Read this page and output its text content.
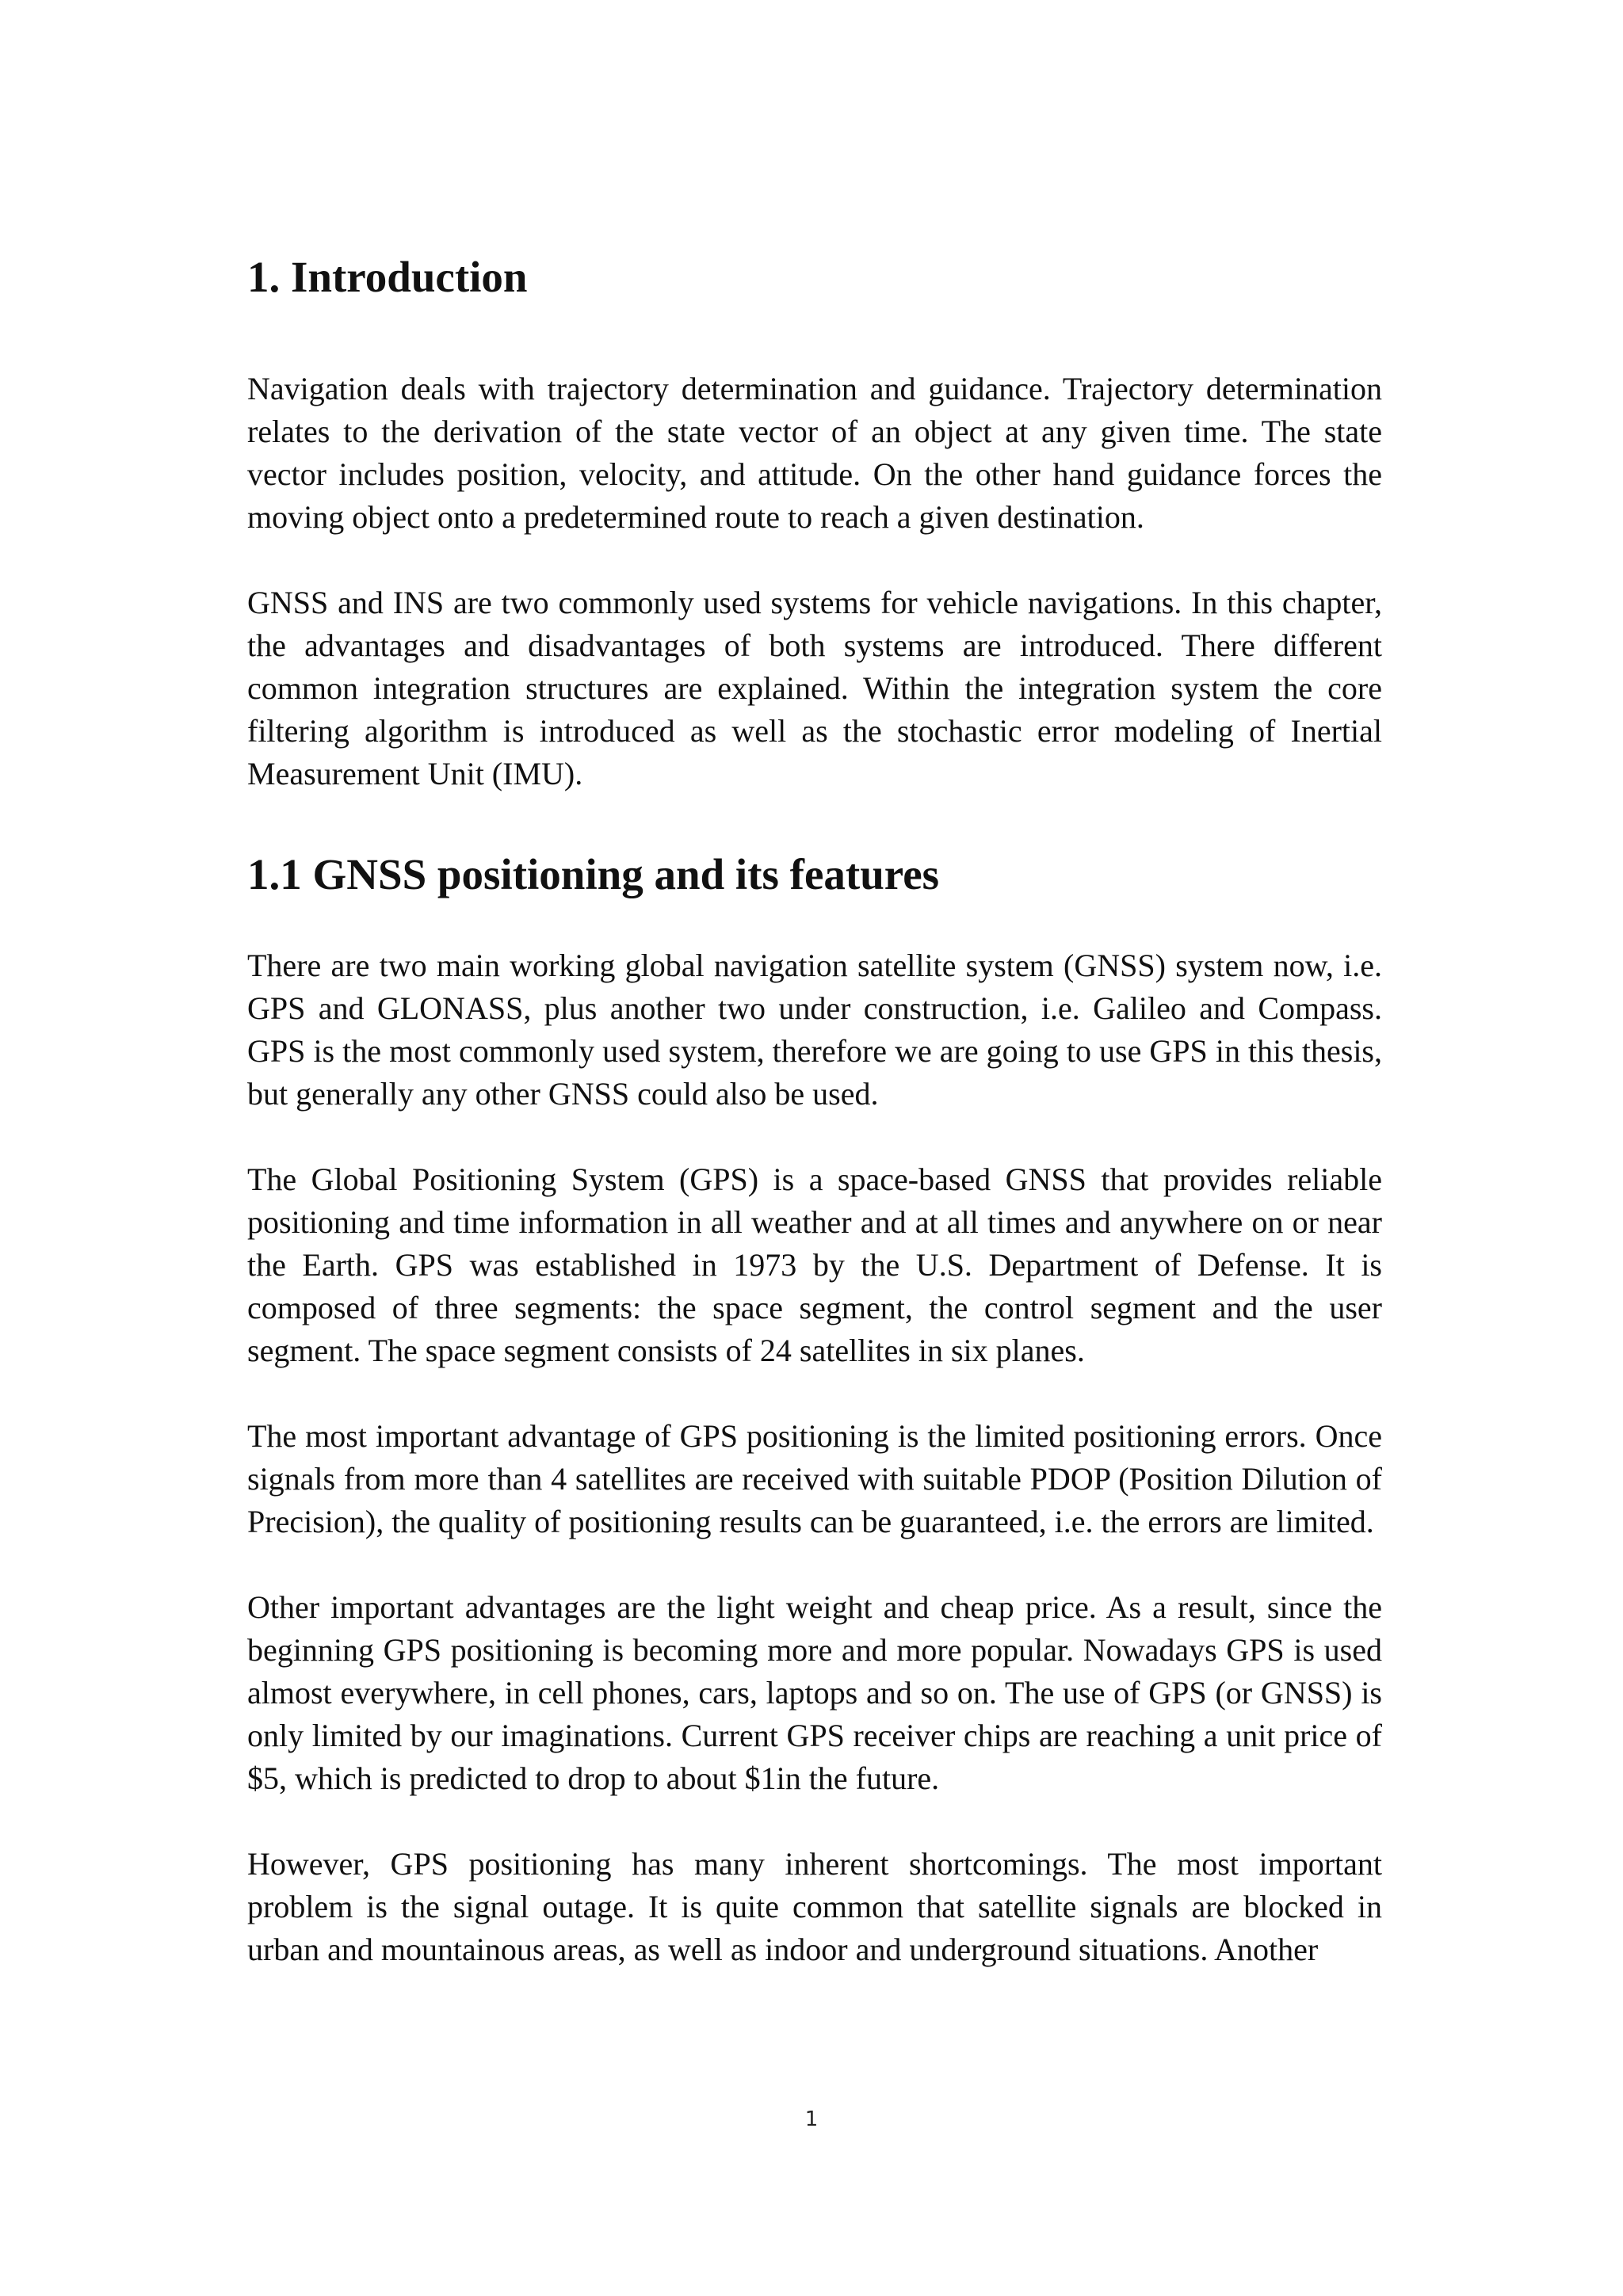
1. Introduction

Navigation deals with trajectory determination and guidance. Trajectory determination relates to the derivation of the state vector of an object at any given time. The state vector includes position, velocity, and attitude. On the other hand guidance forces the moving object onto a predetermined route to reach a given destination.

GNSS and INS are two commonly used systems for vehicle navigations. In this chapter, the advantages and disadvantages of both systems are introduced. There different common integration structures are explained. Within the integration system the core filtering algorithm is introduced as well as the stochastic error modeling of Inertial Measurement Unit (IMU).

1.1 GNSS positioning and its features

There are two main working global navigation satellite system (GNSS) system now, i.e. GPS and GLONASS, plus another two under construction, i.e. Galileo and Compass. GPS is the most commonly used system, therefore we are going to use GPS in this thesis, but generally any other GNSS could also be used.

The Global Positioning System (GPS) is a space-based GNSS that provides reliable positioning and time information in all weather and at all times and anywhere on or near the Earth. GPS was established in 1973 by the U.S. Department of Defense. It is composed of three segments: the space segment, the control segment and the user segment. The space segment consists of 24 satellites in six planes.

The most important advantage of GPS positioning is the limited positioning errors. Once signals from more than 4 satellites are received with suitable PDOP (Position Dilution of Precision), the quality of positioning results can be guaranteed, i.e. the errors are limited.

Other important advantages are the light weight and cheap price. As a result, since the beginning GPS positioning is becoming more and more popular. Nowadays GPS is used almost everywhere, in cell phones, cars, laptops and so on. The use of GPS (or GNSS) is only limited by our imaginations. Current GPS receiver chips are reaching a unit price of $5, which is predicted to drop to about $1in the future.

However, GPS positioning has many inherent shortcomings. The most important problem is the signal outage. It is quite common that satellite signals are blocked in urban and mountainous areas, as well as indoor and underground situations. Another

1
